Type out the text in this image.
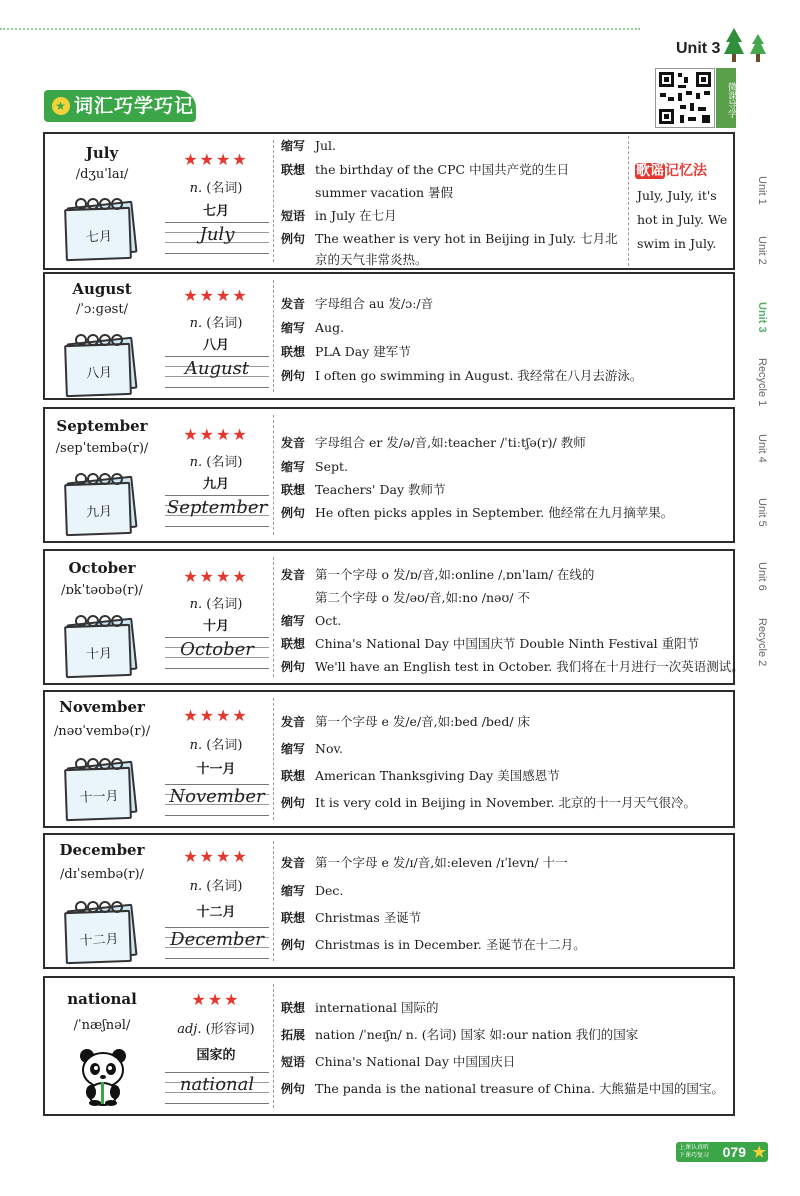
Unit 3
微课导学
★ 词汇巧学巧记
Unit 1
Unit 2
Unit 3
Recycle 1
Unit 4
Unit 5
Unit 6
Recycle 2
July
/dʒuˈlaɪ/
七月
★★★★
n. (名词)
七月
July
缩写 Jul.
联想 the birthday of the CPC 中国共产党的生日
summer vacation 暑假
短语 in July 在七月
例句 The weather is very hot in Beijing in July. 七月北
京的天气非常炎热。
歌谣记忆法
July, July, it's
hot in July. We
swim in July.
August
/ˈɔːɡəst/
八月
★★★★
n. (名词)
八月
August
发音 字母组合 au 发/ɔː/音
缩写 Aug.
联想 PLA Day 建军节
例句 I often go swimming in August. 我经常在八月去游泳。
September
/sepˈtembə(r)/
九月
★★★★
n. (名词)
九月
September
发音 字母组合 er 发/ə/音,如:teacher /ˈtiːtʃə(r)/ 教师
缩写 Sept.
联想 Teachers' Day 教师节
例句 He often picks apples in September. 他经常在九月摘苹果。
October
/ɒkˈtəʊbə(r)/
十月
★★★★
n. (名词)
十月
October
发音 第一个字母 o 发/ɒ/音,如:online /ˌɒnˈlaɪn/ 在线的
第二个字母 o 发/əʊ/音,如:no /nəʊ/ 不
缩写 Oct.
联想 China's National Day 中国国庆节 Double Ninth Festival 重阳节
例句 We'll have an English test in October. 我们将在十月进行一次英语测试。
November
/nəʊˈvembə(r)/
十一月
★★★★
n. (名词)
十一月
November
发音 第一个字母 e 发/e/音,如:bed /bed/ 床
缩写 Nov.
联想 American Thanksgiving Day 美国感恩节
例句 It is very cold in Beijing in November. 北京的十一月天气很冷。
December
/dɪˈsembə(r)/
十二月
★★★★
n. (名词)
十二月
December
发音 第一个字母 e 发/ɪ/音,如:eleven /ɪˈlevn/ 十一
缩写 Dec.
联想 Christmas 圣诞节
例句 Christmas is in December. 圣诞节在十二月。
national
/ˈnæʃnəl/
★★★
adj. (形容词)
国家的
national
联想 international 国际的
拓展 nation /ˈneɪʃn/ n. (名词) 国家 如:our nation 我们的国家
短语 China's National Day 中国国庆日
例句 The panda is the national treasure of China. 大熊猫是中国的国宝。
上课认真听
下课巧复习 079 ★
